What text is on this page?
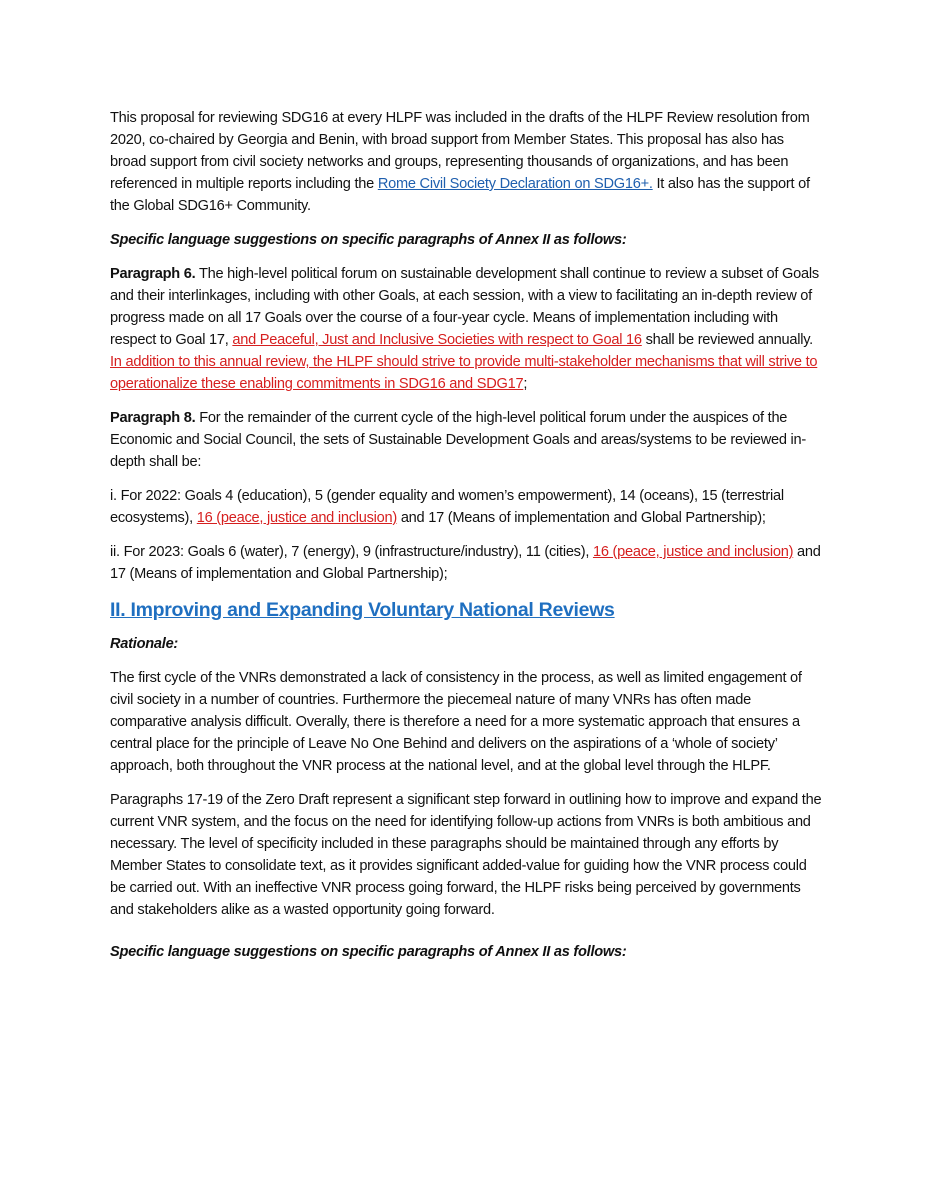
This proposal for reviewing SDG16 at every HLPF was included in the drafts of the HLPF Review resolution from 2020, co-chaired by Georgia and Benin, with broad support from Member States. This proposal has also has broad support from civil society networks and groups, representing thousands of organizations, and has been referenced in multiple reports including the Rome Civil Society Declaration on SDG16+. It also has the support of the Global SDG16+ Community.

Specific language suggestions on specific paragraphs of Annex II as follows:

Paragraph 6. The high-level political forum on sustainable development shall continue to review a subset of Goals and their interlinkages, including with other Goals, at each session, with a view to facilitating an in-depth review of progress made on all 17 Goals over the course of a four-year cycle. Means of implementation including with respect to Goal 17, and Peaceful, Just and Inclusive Societies with respect to Goal 16 shall be reviewed annually. In addition to this annual review, the HLPF should strive to provide multi-stakeholder mechanisms that will strive to operationalize these enabling commitments in SDG16 and SDG17;

Paragraph 8. For the remainder of the current cycle of the high-level political forum under the auspices of the Economic and Social Council, the sets of Sustainable Development Goals and areas/systems to be reviewed in-depth shall be:

i. For 2022: Goals 4 (education), 5 (gender equality and women’s empowerment), 14 (oceans), 15 (terrestrial ecosystems), 16 (peace, justice and inclusion) and 17 (Means of implementation and Global Partnership);

ii. For 2023: Goals 6 (water), 7 (energy), 9 (infrastructure/industry), 11 (cities), 16 (peace, justice and inclusion) and 17 (Means of implementation and Global Partnership);

II. Improving and Expanding Voluntary National Reviews

Rationale:

The first cycle of the VNRs demonstrated a lack of consistency in the process, as well as limited engagement of civil society in a number of countries. Furthermore the piecemeal nature of many VNRs has often made comparative analysis difficult. Overally, there is therefore a need for a more systematic approach that ensures a central place for the principle of Leave No One Behind and delivers on the aspirations of a ‘whole of society’ approach, both throughout the VNR process at the national level, and at the global level through the HLPF.

Paragraphs 17-19 of the Zero Draft represent a significant step forward in outlining how to improve and expand the current VNR system, and the focus on the need for identifying follow-up actions from VNRs is both ambitious and necessary. The level of specificity included in these paragraphs should be maintained through any efforts by Member States to consolidate text, as it provides significant added-value for guiding how the VNR process could be carried out. With an ineffective VNR process going forward, the HLPF risks being perceived by governments and stakeholders alike as a wasted opportunity going forward.

Specific language suggestions on specific paragraphs of Annex II as follows:
